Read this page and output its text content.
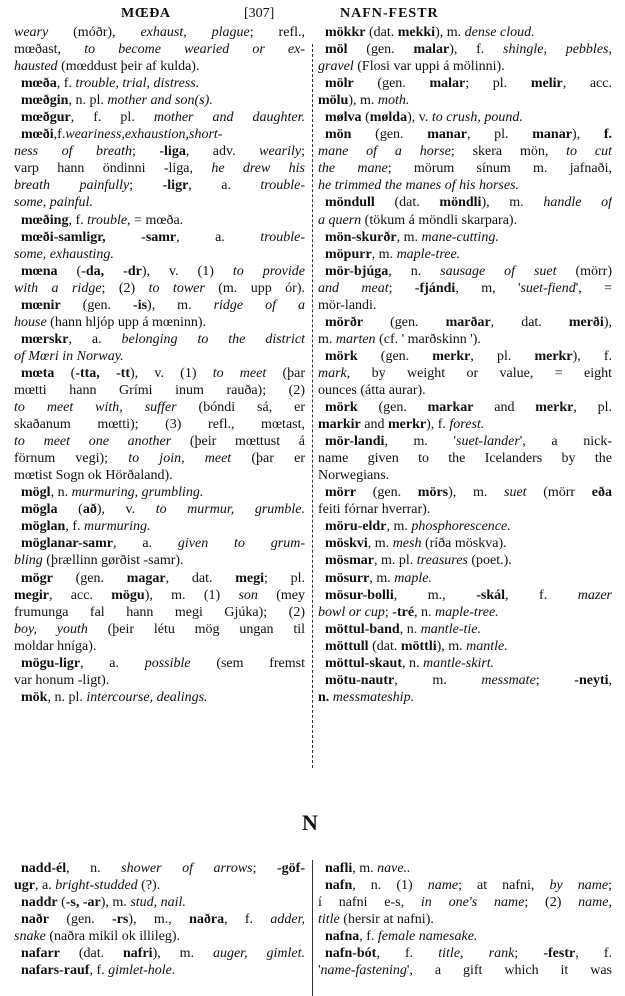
MŒÐA	[307]	NAFN-FESTR
weary (móðr), exhaust, plague; refl.,
mœðast, to become wearied or ex-
hausted (mœddust þeir af kulda).
mœða, f. trouble, trial, distress.
mœðgin, n. pl. mother and son(s).
mœðgur, f. pl. mother and daughter.
mœði,f.weariness,exhaustion,short-
ness of breath; -liga, adv. wearily;
varp hann öndinni -liga, he drew his
breath painfully; -ligr, a. trouble-
some, painful.
mœðing, f. trouble, = mœða.
mœði-samligr, -samr, a. trouble-
some, exhausting.
mœna (-da, -dr), v. (1) to provide
with a ridge; (2) to tower (m. upp ór).
mœnir (gen. -is), m. ridge of a
house (hann hljóp upp á mœninn).
mœrskr, a. belonging to the district
of Mœri in Norway.
mœta (-tta, -tt), v. (1) to meet (þar
mœtti hann Grími inum rauða); (2)
to meet with, suffer (bóndi sá, er
skaðanum mœtti); (3) refl., mœtast,
to meet one another (þeir mœttust á
förnum vegi); to join, meet (þar er
mœtist Sogn ok Hörðaland).
mögl, n. murmuring, grumbling.
mögla (að), v. to murmur, grumble.
möglan, f. murmuring.
möglanar-samr, a. given to grum-
bling (þrællinn gørðist -samr).
mögr (gen. magar, dat. megi; pl.
megir, acc. mögu), m. (1) son (mey
frumunga fal hann megi Gjúka); (2)
boy, youth (þeir létu mög ungan til
moldar hníga).
mögu-ligr, a. possible (sem fremst
var honum -ligt).
mök, n. pl. intercourse, dealings.
mökkr (dat. mekki), m. dense cloud.
möl (gen. malar), f. shingle, pebbles,
gravel (Flosi var uppi á mölinni).
mölr (gen. malar; pl. melir, acc.
mölu), m. moth.
mølva (mølda), v. to crush, pound.
mön (gen. manar, pl. manar), f.
mane of a horse; skera mön, to cut
the mane; mörum sínum m. jafnaði,
he trimmed the manes of his horses.
möndull (dat. möndli), m. handle of
a quern (tökum á möndli skarpara).
mön-skurðr, m. mane-cutting.
möpurr, m. maple-tree.
mör-bjúga, n. sausage of suet (mörr)
and meat; -fjándi, m, 'suet-fiend', =
mör-landi.
mörðr (gen. marðar, dat. merði),
m. marten (cf. ' marðskinn ').
mörk (gen. merkr, pl. merkr), f.
mark, by weight or value, = eight
ounces (átta aurar).
mörk (gen. markar and merkr, pl.
markir and merkr), f. forest.
mör-landi, m. 'suet-lander', a nick-
name given to the Icelanders by the
Norwegians.
mörr (gen. mörs), m. suet (mörr eða
feiti fórnar hverrar).
möru-eldr, m. phosphorescence.
möskvi, m. mesh (ríða möskva).
mösmar, m. pl. treasures (poet.).
mösurr, m. maple.
mösur-bolli, m., -skál, f. mazer
bowl or cup; -tré, n. maple-tree.
möttul-band, n. mantle-tie.
möttull (dat. möttli), m. mantle.
möttul-skaut, n. mantle-skirt.
mötu-nautr, m. messmate; -neyti,
n. messmateship.
N
nadd-él, n. shower of arrows; -göf-
ugr, a. bright-studded (?).
naddr (-s, -ar), m. stud, nail.
naðr (gen. -rs), m., naðra, f. adder,
snake (naðra mikil ok illileg).
nafarr (dat. nafri), m. auger, gimlet.
nafars-rauf, f. gimlet-hole.
nafli, m. nave..
nafn, n. (1) name; at nafni, by name;
í nafni e-s, in one's name; (2) name,
title (hersir at nafni).
nafna, f. female namesake.
nafn-bót, f. title, rank; -festr, f.
'name-fastening', a gift which it was
